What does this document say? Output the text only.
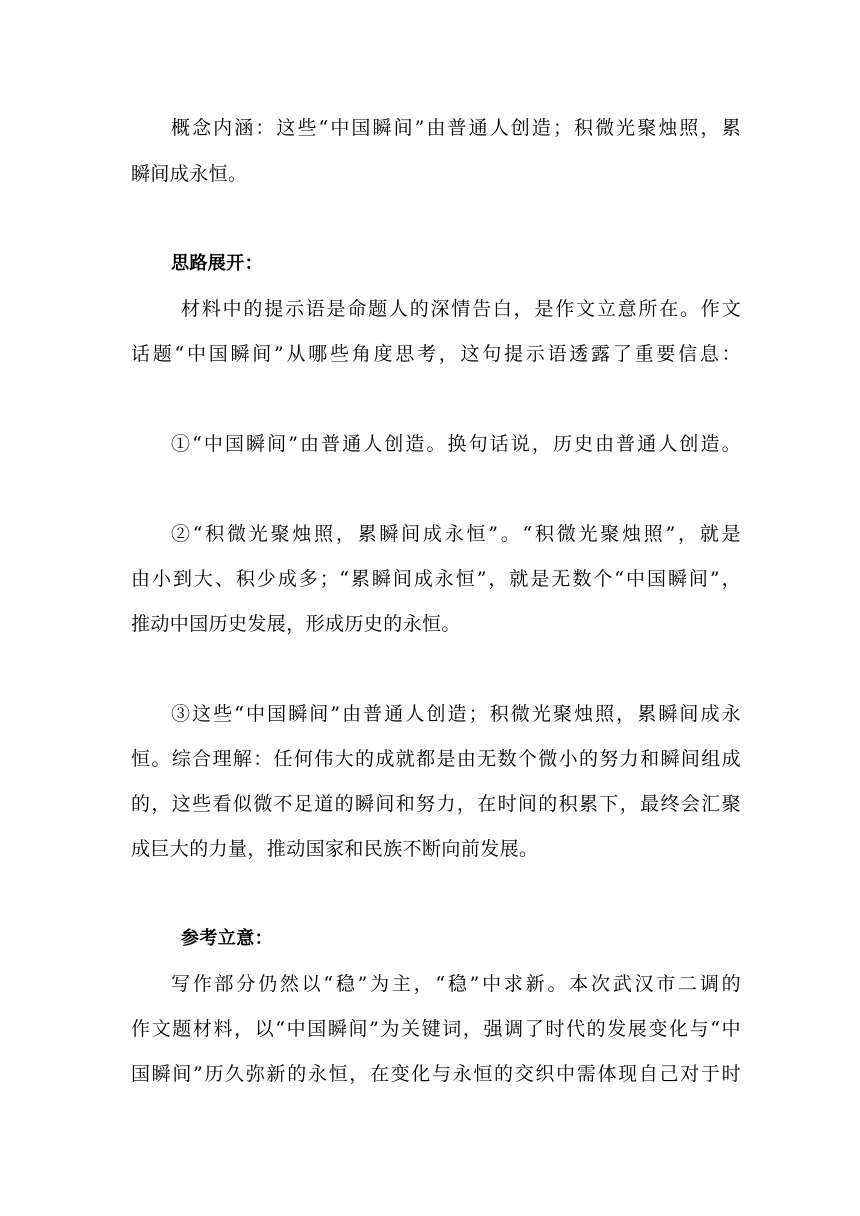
概念内涵：这些“中国瞬间”由普通人创造；积微光聚烛照，累
瞬间成永恒。
思路展开：
材料中的提示语是命题人的深情告白，是作文立意所在。作文
话题“中国瞬间”从哪些角度思考，这句提示语透露了重要信息：
①“中国瞬间”由普通人创造。换句话说，历史由普通人创造。
②“积微光聚烛照，累瞬间成永恒”。“积微光聚烛照”，就是
由小到大、积少成多；“累瞬间成永恒”，就是无数个“中国瞬间”，
推动中国历史发展，形成历史的永恒。
③这些“中国瞬间”由普通人创造；积微光聚烛照，累瞬间成永
恒。综合理解：任何伟大的成就都是由无数个微小的努力和瞬间组成
的，这些看似微不足道的瞬间和努力，在时间的积累下，最终会汇聚
成巨大的力量，推动国家和民族不断向前发展。
参考立意：
写作部分仍然以“稳”为主，“稳”中求新。本次武汉市二调的
作文题材料，以“中国瞬间”为关键词，强调了时代的发展变化与“中
国瞬间”历久弥新的永恒，在变化与永恒的交织中需体现自己对于时
